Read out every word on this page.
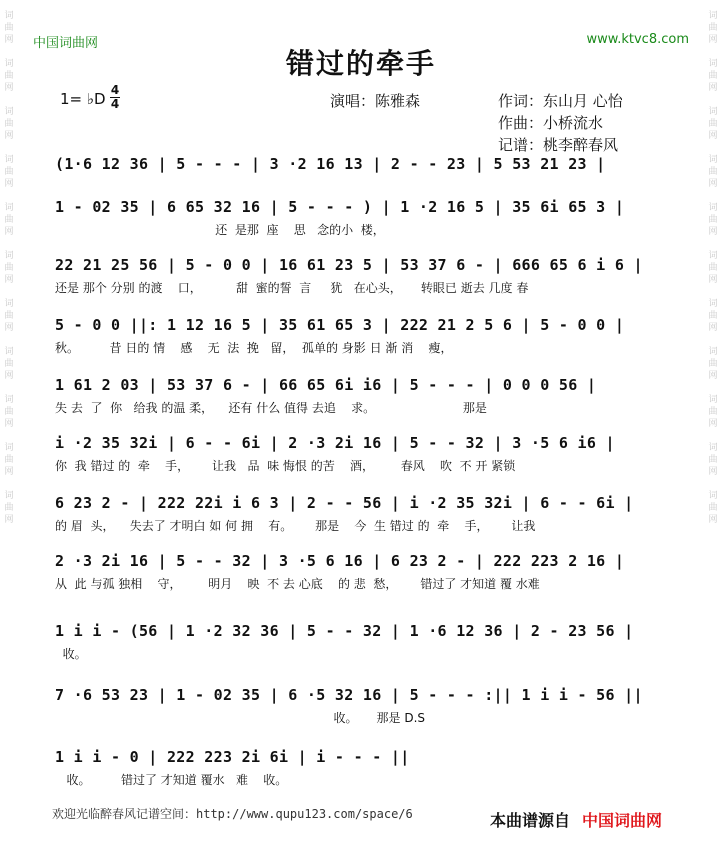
词曲网

词曲网

词曲网

词曲网

词曲网

词曲网

词曲网

词曲网

词曲网

词曲网

词曲网
词曲网

词曲网

词曲网

词曲网

词曲网

词曲网

词曲网

词曲网

词曲网

词曲网

词曲网
中国词曲网	www.ktvc8.com
错过的牵手
1= ♭D 4
4	演唱：陈雅森	作词：东山月 心怡
作曲：小桥流水
记谱：桃李醉春风
(1·6 12 36 | 5 - - - | 3 ·2 16 13 | 2 - - 23 | 5 53 21 23 |
1 - 02 35 | 6 65 32 16 | 5 - - - ) | 1 ·2 16 5 | 35 6i 65 3 |
还  是那  座    思   念的小  楼，
22 21 25 56 | 5 - 0 0 | 16 61 23 5 | 53 37 6 - | 666 65 6 i 6 |
还是 那个 分别 的渡    口，         甜  蜜的誓  言     犹   在心头，     转眼已 逝去 几度 春
5 - 0 0 ||: 1 12 16 5 | 35 61 65 3 | 222 21 2 5 6 | 5 - 0 0 |
秋。        昔 日的 情    感    无  法  挽   留，  孤单的 身影 日 渐 消    瘦，
1 61 2 03 | 53 37 6 - | 66 65 6i i6 | 5 - - - | 0 0 0 56 |
失 去  了  你   给我 的温 柔，    还有 什么 值得 去追    求。                       那是
i ·2 35 32i | 6 - - 6i | 2 ·3 2i 16 | 5 - - 32 | 3 ·5 6 i6 |
你  我 错过 的  牵    手，      让我   品  味 悔恨 的苦    酒，       春风    吹  不 开 紧锁
6 23 2 - | 222 22i i 6 3 | 2 - - 56 | i ·2 35 32i | 6 - - 6i |
的 眉  头，    失去了 才明白 如 何 拥    有。      那是    今  生 错过 的  牵    手，      让我
2 ·3 2i 16 | 5 - - 32 | 3 ·5 6 16 | 6 23 2 - | 222 223 2 16 |
从  此 与孤 独相    守，       明月    映  不 去 心底    的 悲  愁，      错过了 才知道 覆 水难
1 i i - (56 | 1 ·2 32 36 | 5 - - 32 | 1 ·6 12 36 | 2 - 23 56 |
收。
7 ·6 53 23 | 1 - 02 35 | 6 ·5 32 16 | 5 - - - :|| 1 i i - 56 ||
收。     那是 D.S
1 i i - 0 | 222 223 2i 6i | i - - - ||
收。        错过了 才知道 覆水   难    收。
欢迎光临醉春风记谱空间：http://www.qupu123.com/space/6	本曲谱源自 中国词曲网
